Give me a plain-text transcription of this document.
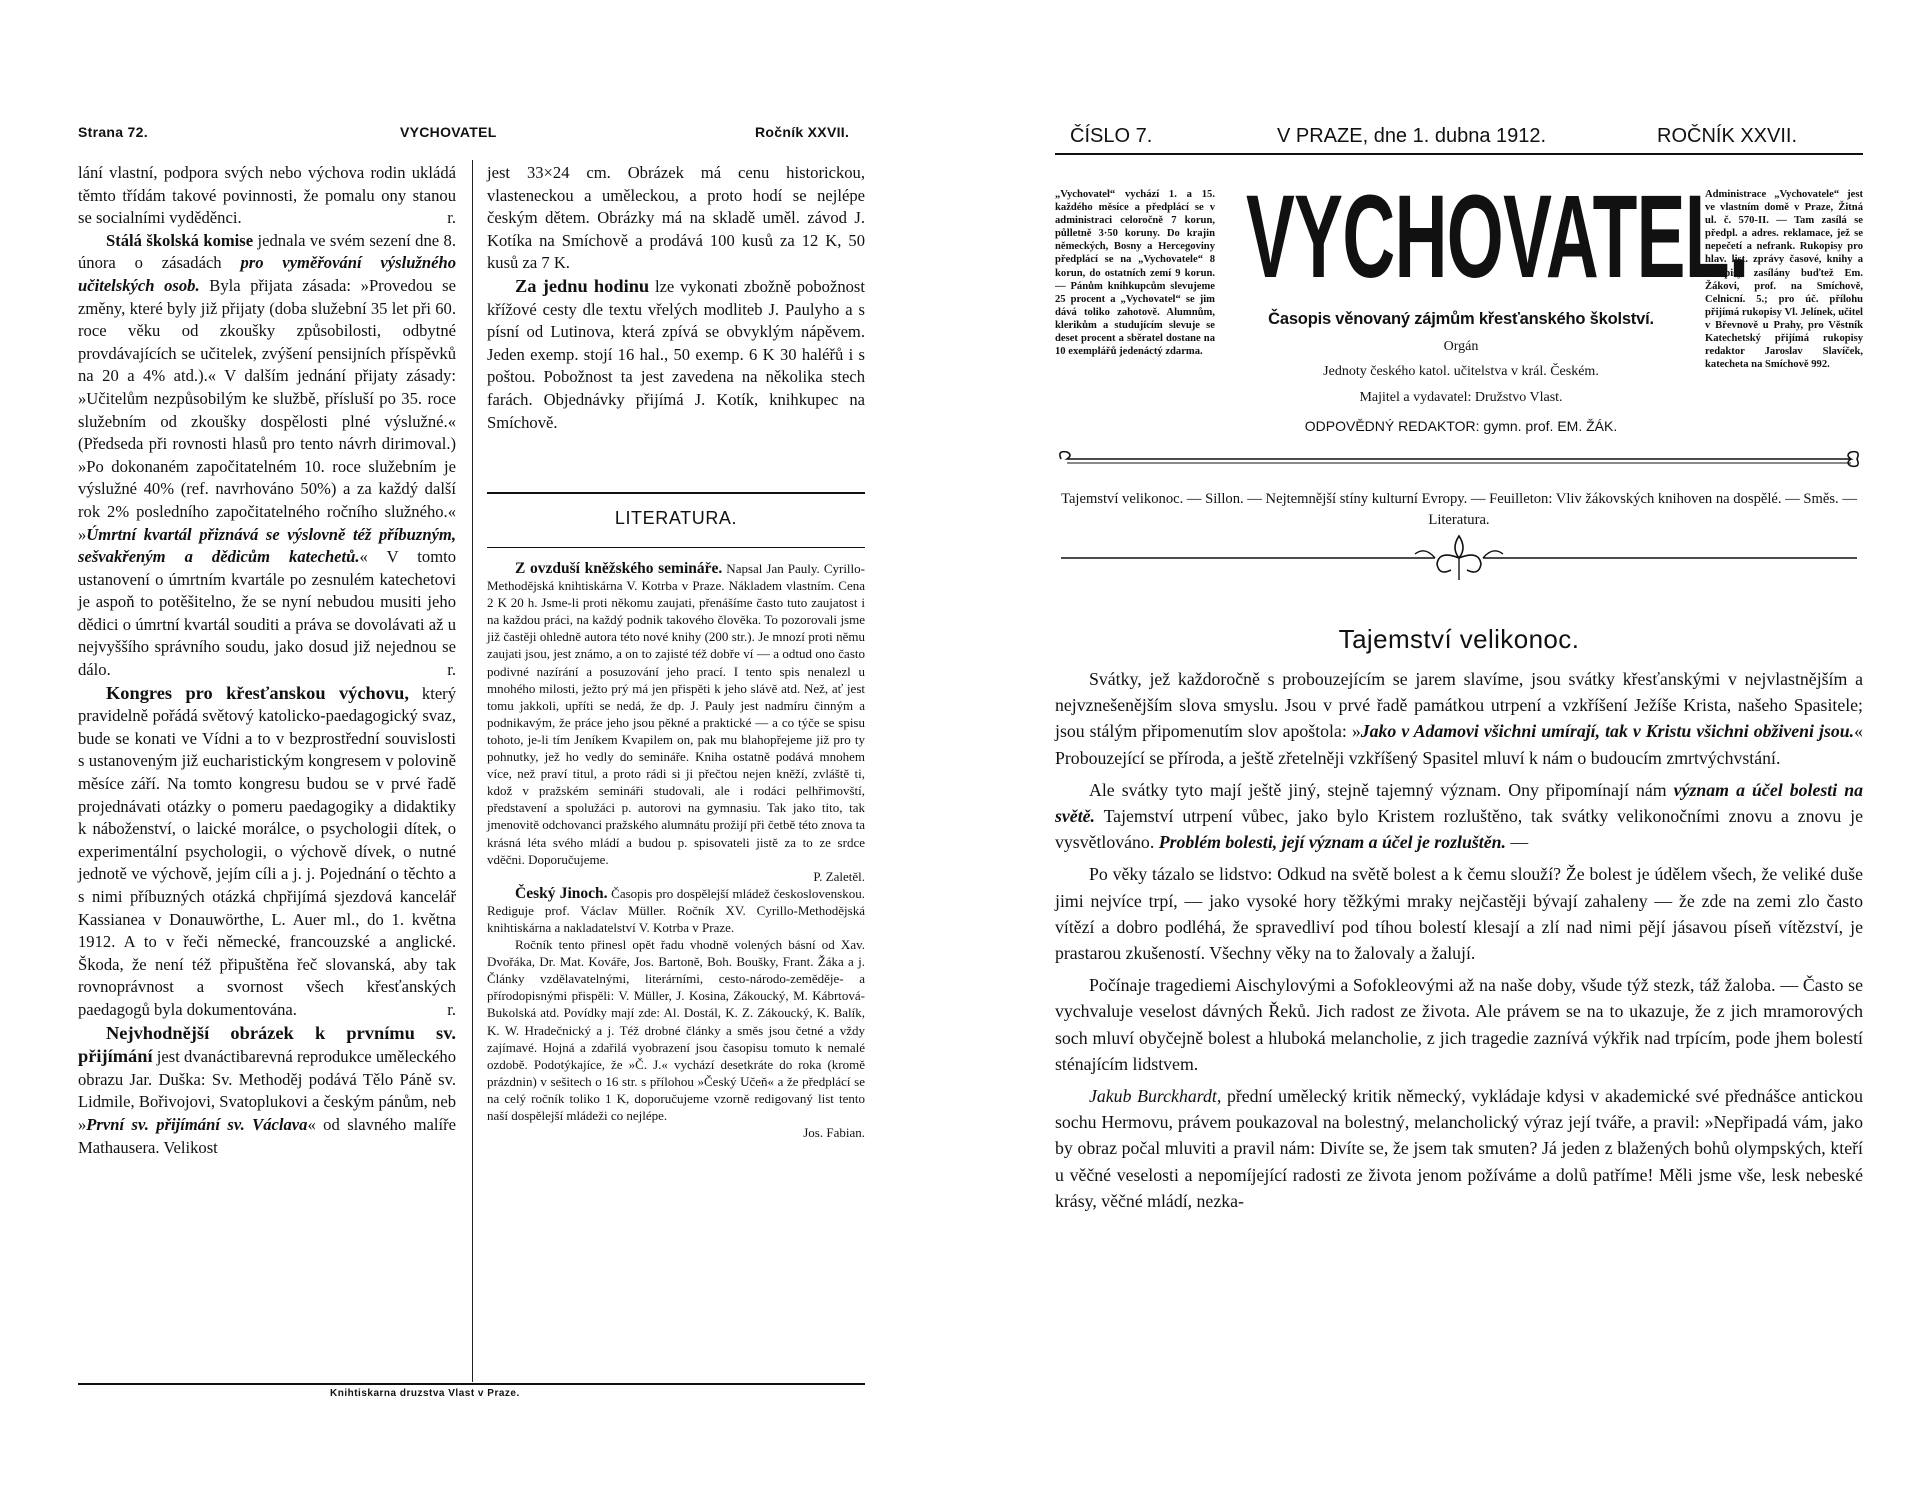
Strana 72.	VYCHOVATEL	Ročník XXVII.

lání vlastní, podpora svých nebo výchova rodin ukládá těmto třídám takové povinnosti, že pomalu ony stanou se socialními vyděděnci.	r.

Stálá školská komise jednala ve svém sezení dne 8. února o zásadách pro vyměřování výslužného učitelských osob. Byla přijata zásada: »Provedou se změny, které byly již přijaty (doba služební 35 let při 60. roce věku od zkoušky způsobilosti, odbytné provdávajících se učitelek, zvýšení pensijních příspěvků na 20 a 4% atd.).« V dalším jednání přijaty zásady: »Učitelům nezpůsobilým ke službě, přísluší po 35. roce služebním od zkoušky dospělosti plné výslužné.« (Předseda při rovnosti hlasů pro tento návrh dirimoval.) »Po dokonaném započitatelném 10. roce služebním je výslužné 40% (ref. navrhováno 50%) a za každý další rok 2% posledního započitatelného ročního služného.« »Úmrtní kvartál přiznává se výslovně též příbuzným, sešvakřeným a dědicům katechetů.« V tomto ustanovení o úmrtním kvartále po zesnulém katechetovi je aspoň to potěšitelno, že se nyní nebudou musiti jeho dědici o úmrtní kvartál souditi a práva se dovolávati až u nejvyššího správního soudu, jako dosud již nejednou se dálo.	r.

Kongres pro křesťanskou výchovu, který pravidelně pořádá světový katolicko-paedagogický svaz, bude se konati ve Vídni a to v bezprostřední souvislosti s ustanoveným již eucharistickým kongresem v polovině měsíce září. Na tomto kongresu budou se v prvé řadě projednávati otázky o pomeru paedagogiky a didaktiky k náboženství, o laické morálce, o psychologii dítek, o experimentální psychologii, o výchově dívek, o nutné jednotě ve výchově, jejím cíli a j. j. Pojednání o těchto a s nimi příbuzných otázká chpřijímá sjezdová kancelář Kassianea v Donauwörthe, L. Auer ml., do 1. května 1912. A to v řeči německé, francouzské a anglické. Škoda, že není též připuštěna řeč slovanská, aby tak rovnoprávnost a svornost všech křesťanských paedagogů byla dokumentována.	r.

Nejvhodnější obrázek k prvnímu sv. přijímání jest dvanáctibarevná reprodukce uměleckého obrazu Jar. Duška: Sv. Methoděj podává Tělo Páně sv. Lidmile, Bořivojovi, Svatoplukovi a českým pánům, neb »První sv. přijímání sv. Václava« od slavného malíře Mathausera. Velikost

jest 33×24 cm. Obrázek má cenu historickou, vlasteneckou a uměleckou, a proto hodí se nejlépe českým dětem. Obrázky má na skladě uměl. závod J. Kotíka na Smíchově a prodává 100 kusů za 12 K, 50 kusů za 7 K.

Za jednu hodinu lze vykonati zbožně pobožnost křížové cesty dle textu vřelých modliteb J. Paulyho a s písní od Lutinova, která zpívá se obvyklým nápěvem. Jeden exemp. stojí 16 hal., 50 exemp. 6 K 30 haléřů i s poštou. Pobožnost ta jest zavedena na několika stech farách. Objednávky přijímá J. Kotík, knihkupec na Smíchově.

LITERATURA.

Z ovzduší kněžského semináře. Napsal Jan Pauly. Cyrillo-Methodějská knihtiskárna V. Kotrba v Praze. Nákladem vlastním. Cena 2 K 20 h. Jsme-li proti někomu zaujati, přenášíme často tuto zaujatost i na každou práci, na každý podnik takového člověka. To pozorovali jsme již častěji ohledně autora této nové knihy (200 str.). Je mnozí proti němu zaujati jsou, jest známo, a on to zajisté též dobře ví — a odtud ono často podivné nazírání a posuzování jeho prací. I tento spis nenalezl u mnohého milosti, ježto prý má jen přispěti k jeho slávě atd. Než, ať jest tomu jakkoli, upříti se nedá, že dp. J. Pauly jest nadmíru činným a podnikavým, že práce jeho jsou pěkné a praktické — a co týče se spisu tohoto, je-li tím Jeníkem Kvapilem on, pak mu blahopřejeme již pro ty pohnutky, jež ho vedly do semináře. Kniha ostatně podává mnohem více, než praví titul, a proto rádi si ji přečtou nejen kněží, zvláště ti, kdož v pražském semináři studovali, ale i rodáci pelhřimovští, představení a spolužáci p. autorovi na gymnasiu. Tak jako tito, tak jmenovitě odchovanci pražského alumnátu prožijí při četbě této znova ta krásná léta svého mládí a budou p. spisovateli jistě za to ze srdce vděčni. Doporučujeme.

P. Zaletěl.

Český Jinoch. Časopis pro dospělejší mládež československou. Rediguje prof. Václav Müller. Ročník XV. Cyrillo-Methodějská knihtiskárna a nakladatelství V. Kotrba v Praze.

Ročník tento přinesl opět řadu vhodně volených básní od Xav. Dvořáka, Dr. Mat. Kováře, Jos. Bartoně, Boh. Boušky, Frant. Žáka a j. Články vzdělavatelnými, literárními, cesto-národo-zeměděje- a přírodopisnými přispěli: V. Müller, J. Kosina, Zákoucký, M. Kábrtová-Bukolská atd. Povídky mají zde: Al. Dostál, K. Z. Zákoucký, K. Balík, K. W. Hradečnický a j. Též drobné články a směs jsou četné a vždy zajímavé. Hojná a zdařilá vyobrazení jsou časopisu tomuto k nemalé ozdobě. Podotýkajíce, že »Č. J.« vychází desetkráte do roka (kromě prázdnin) v sešitech o 16 str. s přílohou »Český Učeň« a že předplácí se na celý ročník toliko 1 K, doporučujeme vzorně redigovaný list tento naší dospělejší mládeži co nejlépe.

Jos. Fabian.

Knihtiskarna druzstva Vlast v Praze.
ČÍSLO 7.	V PRAZE, dne 1. dubna 1912.	ROČNÍK XXVII.
„Vychovatel“ vychází 1. a 15. každého měsíce a předplácí se v administraci celoročně 7 korun, půlletně 3·50 koruny. Do krajin německých, Bosny a Hercegoviny předplácí se na „Vychovatele“ 8 korun, do ostatních zemí 9 korun. — Pánům knihkupcům slevujeme 25 procent a „Vychovatel“ se jim dává toliko zahotově. Alumnům, klerikům a studujícím slevuje se deset procent a sběratel dostane na 10 exemplářů jedenáctý zdarma.
Administrace „Vychovatele“ jest ve vlastním domě v Praze, Žitná ul. č. 570-II. — Tam zasílá se předpl. a adres. reklamace, jež se nepečetí a nefrank. Rukopisy pro hlav. list. zprávy časové, knihy a časopisy zasílány buďtež Em. Žákovi, prof. na Smíchově, Celnicní. 5.; pro úč. přílohu přijímá rukopisy Vl. Jelínek, učitel v Břevnově u Prahy, pro Věstník Katechetský přijímá rukopisy redaktor Jaroslav Slavíček, katecheta na Smíchově 992.
VYCHOVATEL.
Časopis věnovaný zájmům křesťanského školství.
Orgán
Jednoty českého katol. učitelstva v král. Českém.
Majitel a vydavatel: Družstvo Vlast.
ODPOVĚDNÝ REDAKTOR: gymn. prof. EM. ŽÁK.
Tajemství velikonoc. — Sillon. — Nejtemnější stíny kulturní Evropy. — Feuilleton: Vliv žákovských knihoven na dospělé. — Směs. — Literatura.
Tajemství velikonoc.

Svátky, jež každoročně s probouzejícím se jarem slavíme, jsou svátky křesťanskými v nejvlastnějším a nejvznešenějším slova smyslu. Jsou v prvé řadě památkou utrpení a vzkříšení Ježíše Krista, našeho Spasitele; jsou stálým připomenutím slov apoštola: »Jako v Adamovi všichni umírají, tak v Kristu všichni obživeni jsou.« Probouzející se příroda, a ještě zřetelněji vzkříšený Spasitel mluví k nám o budoucím zmrtvýchvstání.

Ale svátky tyto mají ještě jiný, stejně tajemný význam. Ony připomínají nám význam a účel bolesti na světě. Tajemství utrpení vůbec, jako bylo Kristem rozluštěno, tak svátky velikonočními znovu a znovu je vysvětlováno. Problém bolesti, její význam a účel je rozluštěn. —

Po věky tázalo se lidstvo: Odkud na světě bolest a k čemu slouží? Že bolest je údělem všech, že veliké duše jimi nejvíce trpí, — jako vysoké hory těžkými mraky nejčastěji bývají zahaleny — že zde na zemi zlo často vítězí a dobro podléhá, že spravedliví pod tíhou bolestí klesají a zlí nad nimi pějí jásavou píseň vítězství, je prastarou zkušeností. Všechny věky na to žalovaly a žalují.

Počínaje tragediemi Aischylovými a Sofokleovými až na naše doby, všude týž stezk, táž žaloba. — Často se vychvaluje veselost dávných Řeků. Jich radost ze života. Ale právem se na to ukazuje, že z jich mramorových soch mluví obyčejně bolest a hluboká melancholie, z jich tragedie zaznívá výkřik nad trpícím, pode jhem bolestí sténajícím lidstvem.

Jakub Burckhardt, přední umělecký kritik německý, vykládaje kdysi v akademické své přednášce antickou sochu Hermovu, právem poukazoval na bolestný, melancholický výraz její tváře, a pravil: »Nepřipadá vám, jako by obraz počal mluviti a pravil nám: Divíte se, že jsem tak smuten? Já jeden z blažených bohů olympských, kteří u věčné veselosti a nepomíjející radosti ze života jenom požíváme a dolů patříme! Měli jsme vše, lesk nebeské krásy, věčné mládí, nezka-
